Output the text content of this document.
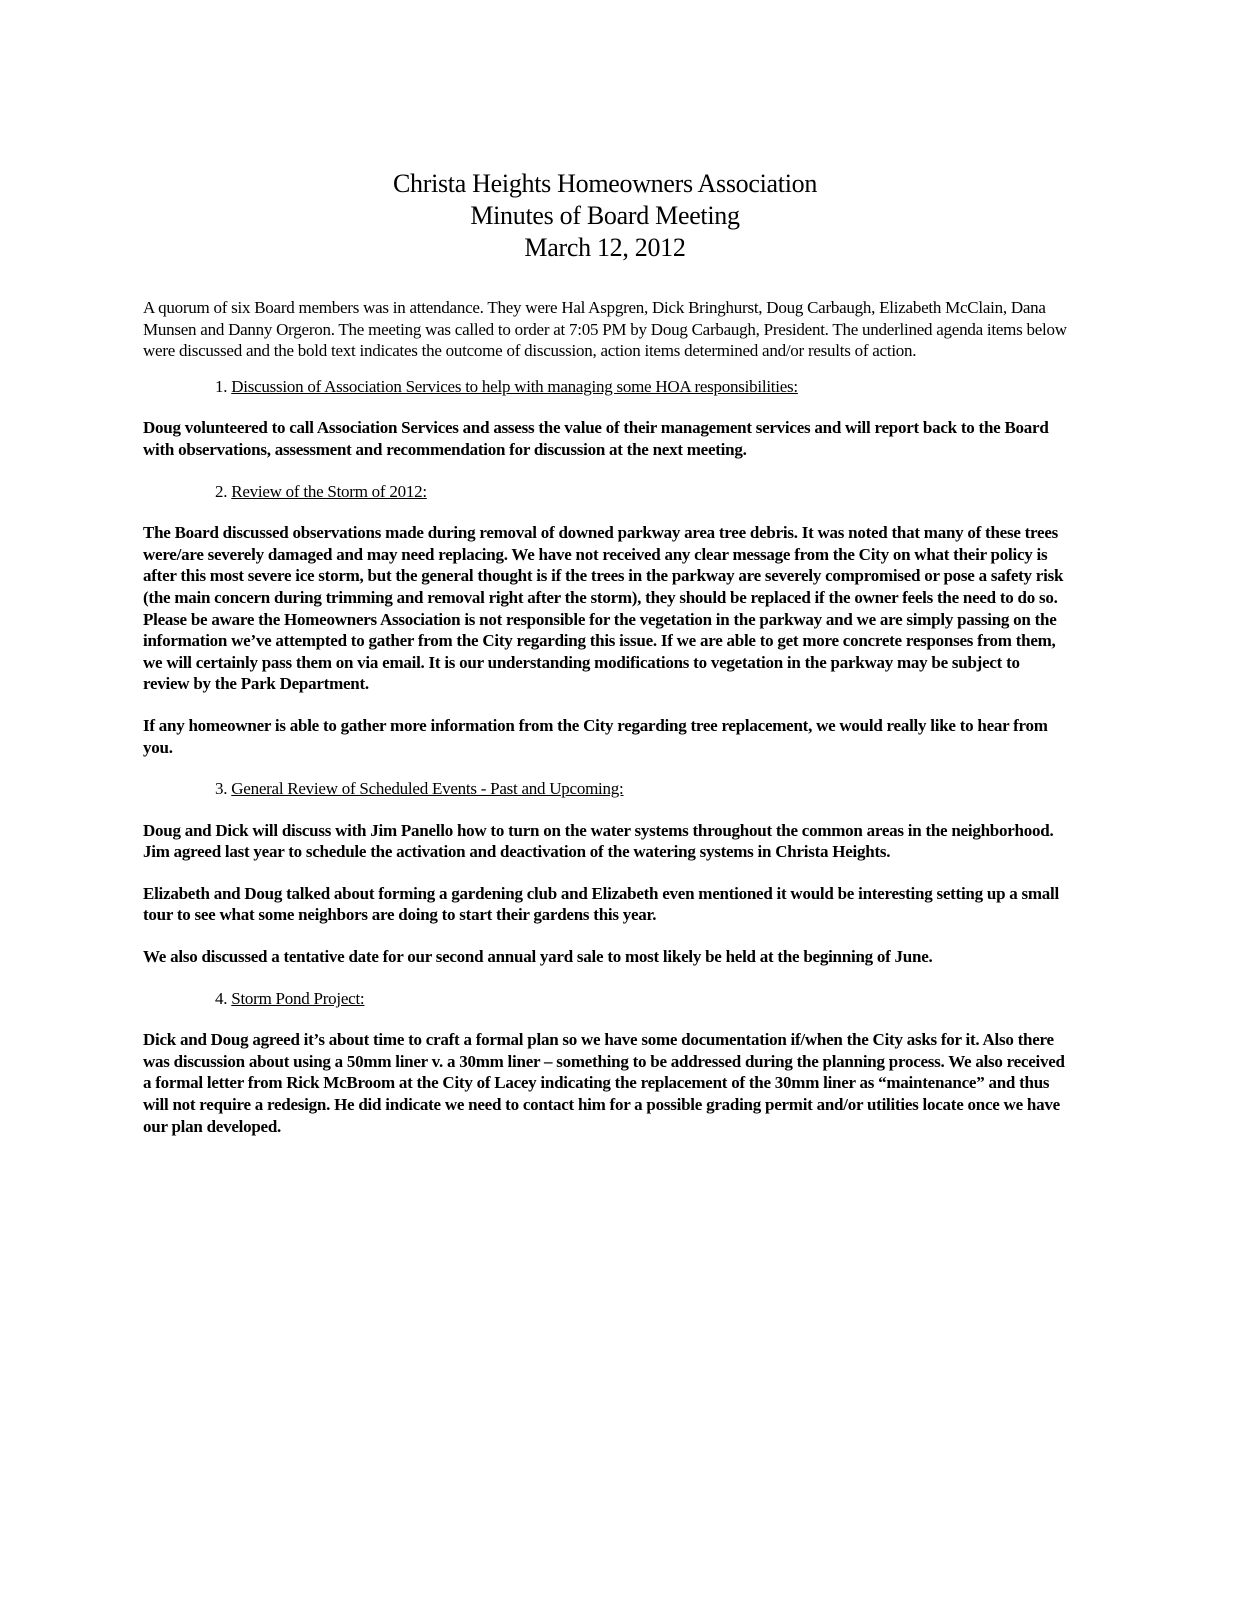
Christa Heights Homeowners Association
Minutes of Board Meeting
March 12, 2012

A quorum of six Board members was in attendance. They were Hal Aspgren, Dick Bringhurst, Doug Carbaugh, Elizabeth McClain, Dana Munsen and Danny Orgeron. The meeting was called to order at 7:05 PM by Doug Carbaugh, President. The underlined agenda items below were discussed and the bold text indicates the outcome of discussion, action items determined and/or results of action.

1. Discussion of Association Services to help with managing some HOA responsibilities:

Doug volunteered to call Association Services and assess the value of their management services and will report back to the Board with observations, assessment and recommendation for discussion at the next meeting.

2. Review of the Storm of 2012:

The Board discussed observations made during removal of downed parkway area tree debris. It was noted that many of these trees were/are severely damaged and may need replacing. We have not received any clear message from the City on what their policy is after this most severe ice storm, but the general thought is if the trees in the parkway are severely compromised or pose a safety risk (the main concern during trimming and removal right after the storm), they should be replaced if the owner feels the need to do so. Please be aware the Homeowners Association is not responsible for the vegetation in the parkway and we are simply passing on the information we’ve attempted to gather from the City regarding this issue. If we are able to get more concrete responses from them, we will certainly pass them on via email. It is our understanding modifications to vegetation in the parkway may be subject to review by the Park Department.

If any homeowner is able to gather more information from the City regarding tree replacement, we would really like to hear from you.

3. General Review of Scheduled Events - Past and Upcoming:

Doug and Dick will discuss with Jim Panello how to turn on the water systems throughout the common areas in the neighborhood. Jim agreed last year to schedule the activation and deactivation of the watering systems in Christa Heights.

Elizabeth and Doug talked about forming a gardening club and Elizabeth even mentioned it would be interesting setting up a small tour to see what some neighbors are doing to start their gardens this year.

We also discussed a tentative date for our second annual yard sale to most likely be held at the beginning of June.

4. Storm Pond Project:

Dick and Doug agreed it’s about time to craft a formal plan so we have some documentation if/when the City asks for it. Also there was discussion about using a 50mm liner v. a 30mm liner – something to be addressed during the planning process. We also received a formal letter from Rick McBroom at the City of Lacey indicating the replacement of the 30mm liner as “maintenance” and thus will not require a redesign. He did indicate we need to contact him for a possible grading permit and/or utilities locate once we have our plan developed.
